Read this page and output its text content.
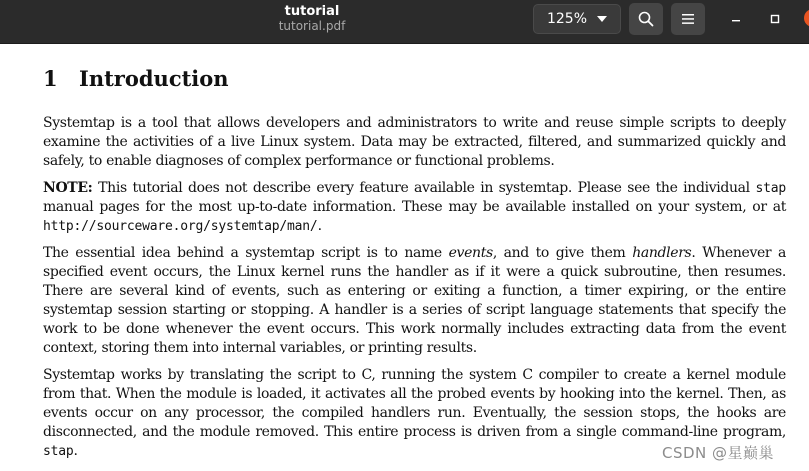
tutorial
tutorial.pdf	125%
1 Introduction

Systemtap is a tool that allows developers and administrators to write and reuse simple scripts to deeply examine the activities of a live Linux system. Data may be extracted, filtered, and summarized quickly and safely, to enable diagnoses of complex performance or functional problems.

NOTE: This tutorial does not describe every feature available in systemtap. Please see the individual stap manual pages for the most up-to-date information. These may be available installed on your system, or at http://sourceware.org/systemtap/man/.

The essential idea behind a systemtap script is to name events, and to give them handlers. Whenever a specified event occurs, the Linux kernel runs the handler as if it were a quick subroutine, then resumes. There are several kind of events, such as entering or exiting a function, a timer expiring, or the entire systemtap session starting or stopping. A handler is a series of script language statements that specify the work to be done whenever the event occurs. This work normally includes extracting data from the event context, storing them into internal variables, or printing results.

Systemtap works by translating the script to C, running the system C compiler to create a kernel module from that. When the module is loaded, it activates all the probed events by hooking into the kernel. Then, as events occur on any processor, the compiled handlers run. Eventually, the session stops, the hooks are disconnected, and the module removed. This entire process is driven from a single command-line program, stap.	CSDN @星巅巢
